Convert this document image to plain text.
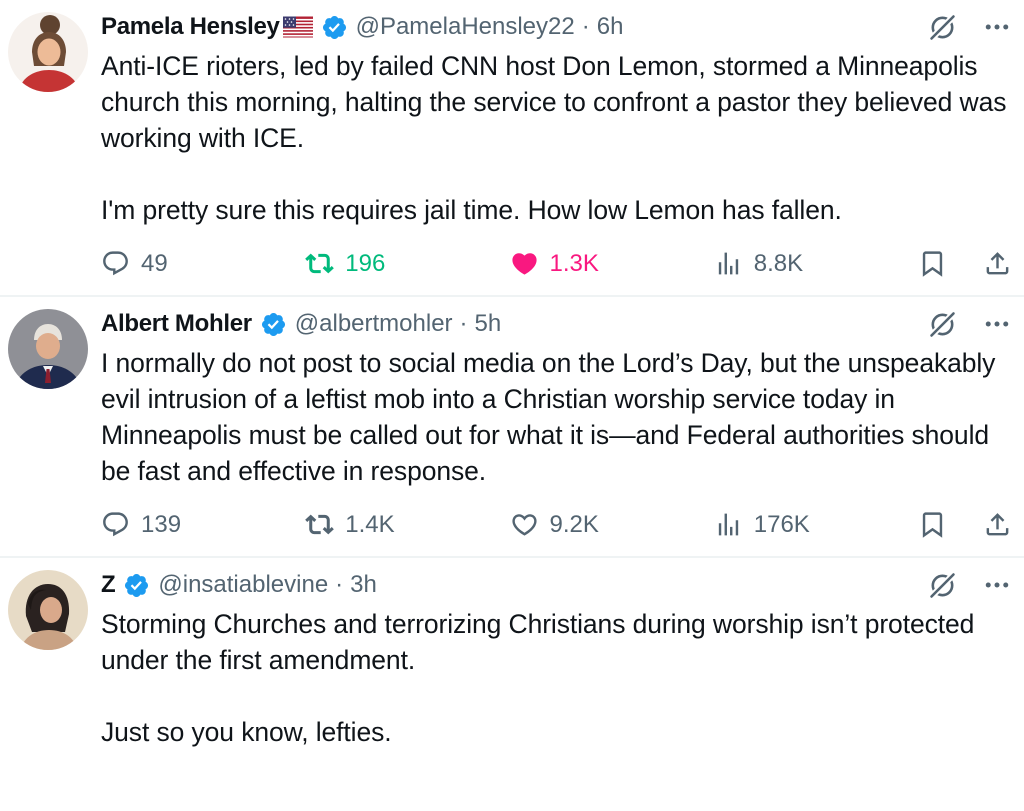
Pamela Hensley	@PamelaHensley22 · 6h

Anti-ICE rioters, led by failed CNN host Don Lemon, stormed a Minneapolis church this morning, halting the service to confront a pastor they believed was working with ICE.

I'm pretty sure this requires jail time. How low Lemon has fallen.

49	196	1.3K	8.8K
Albert Mohler @albertmohler · 5h

I normally do not post to social media on the Lord’s Day, but the unspeakably evil intrusion of a leftist mob into a Christian worship service today in Minneapolis must be called out for what it is—and Federal authorities should be fast and effective in response.

139	1.4K	9.2K	176K
Z @insatiablevine · 3h

Storming Churches and terrorizing Christians during worship isn’t protected under the first amendment.

Just so you know, lefties.
